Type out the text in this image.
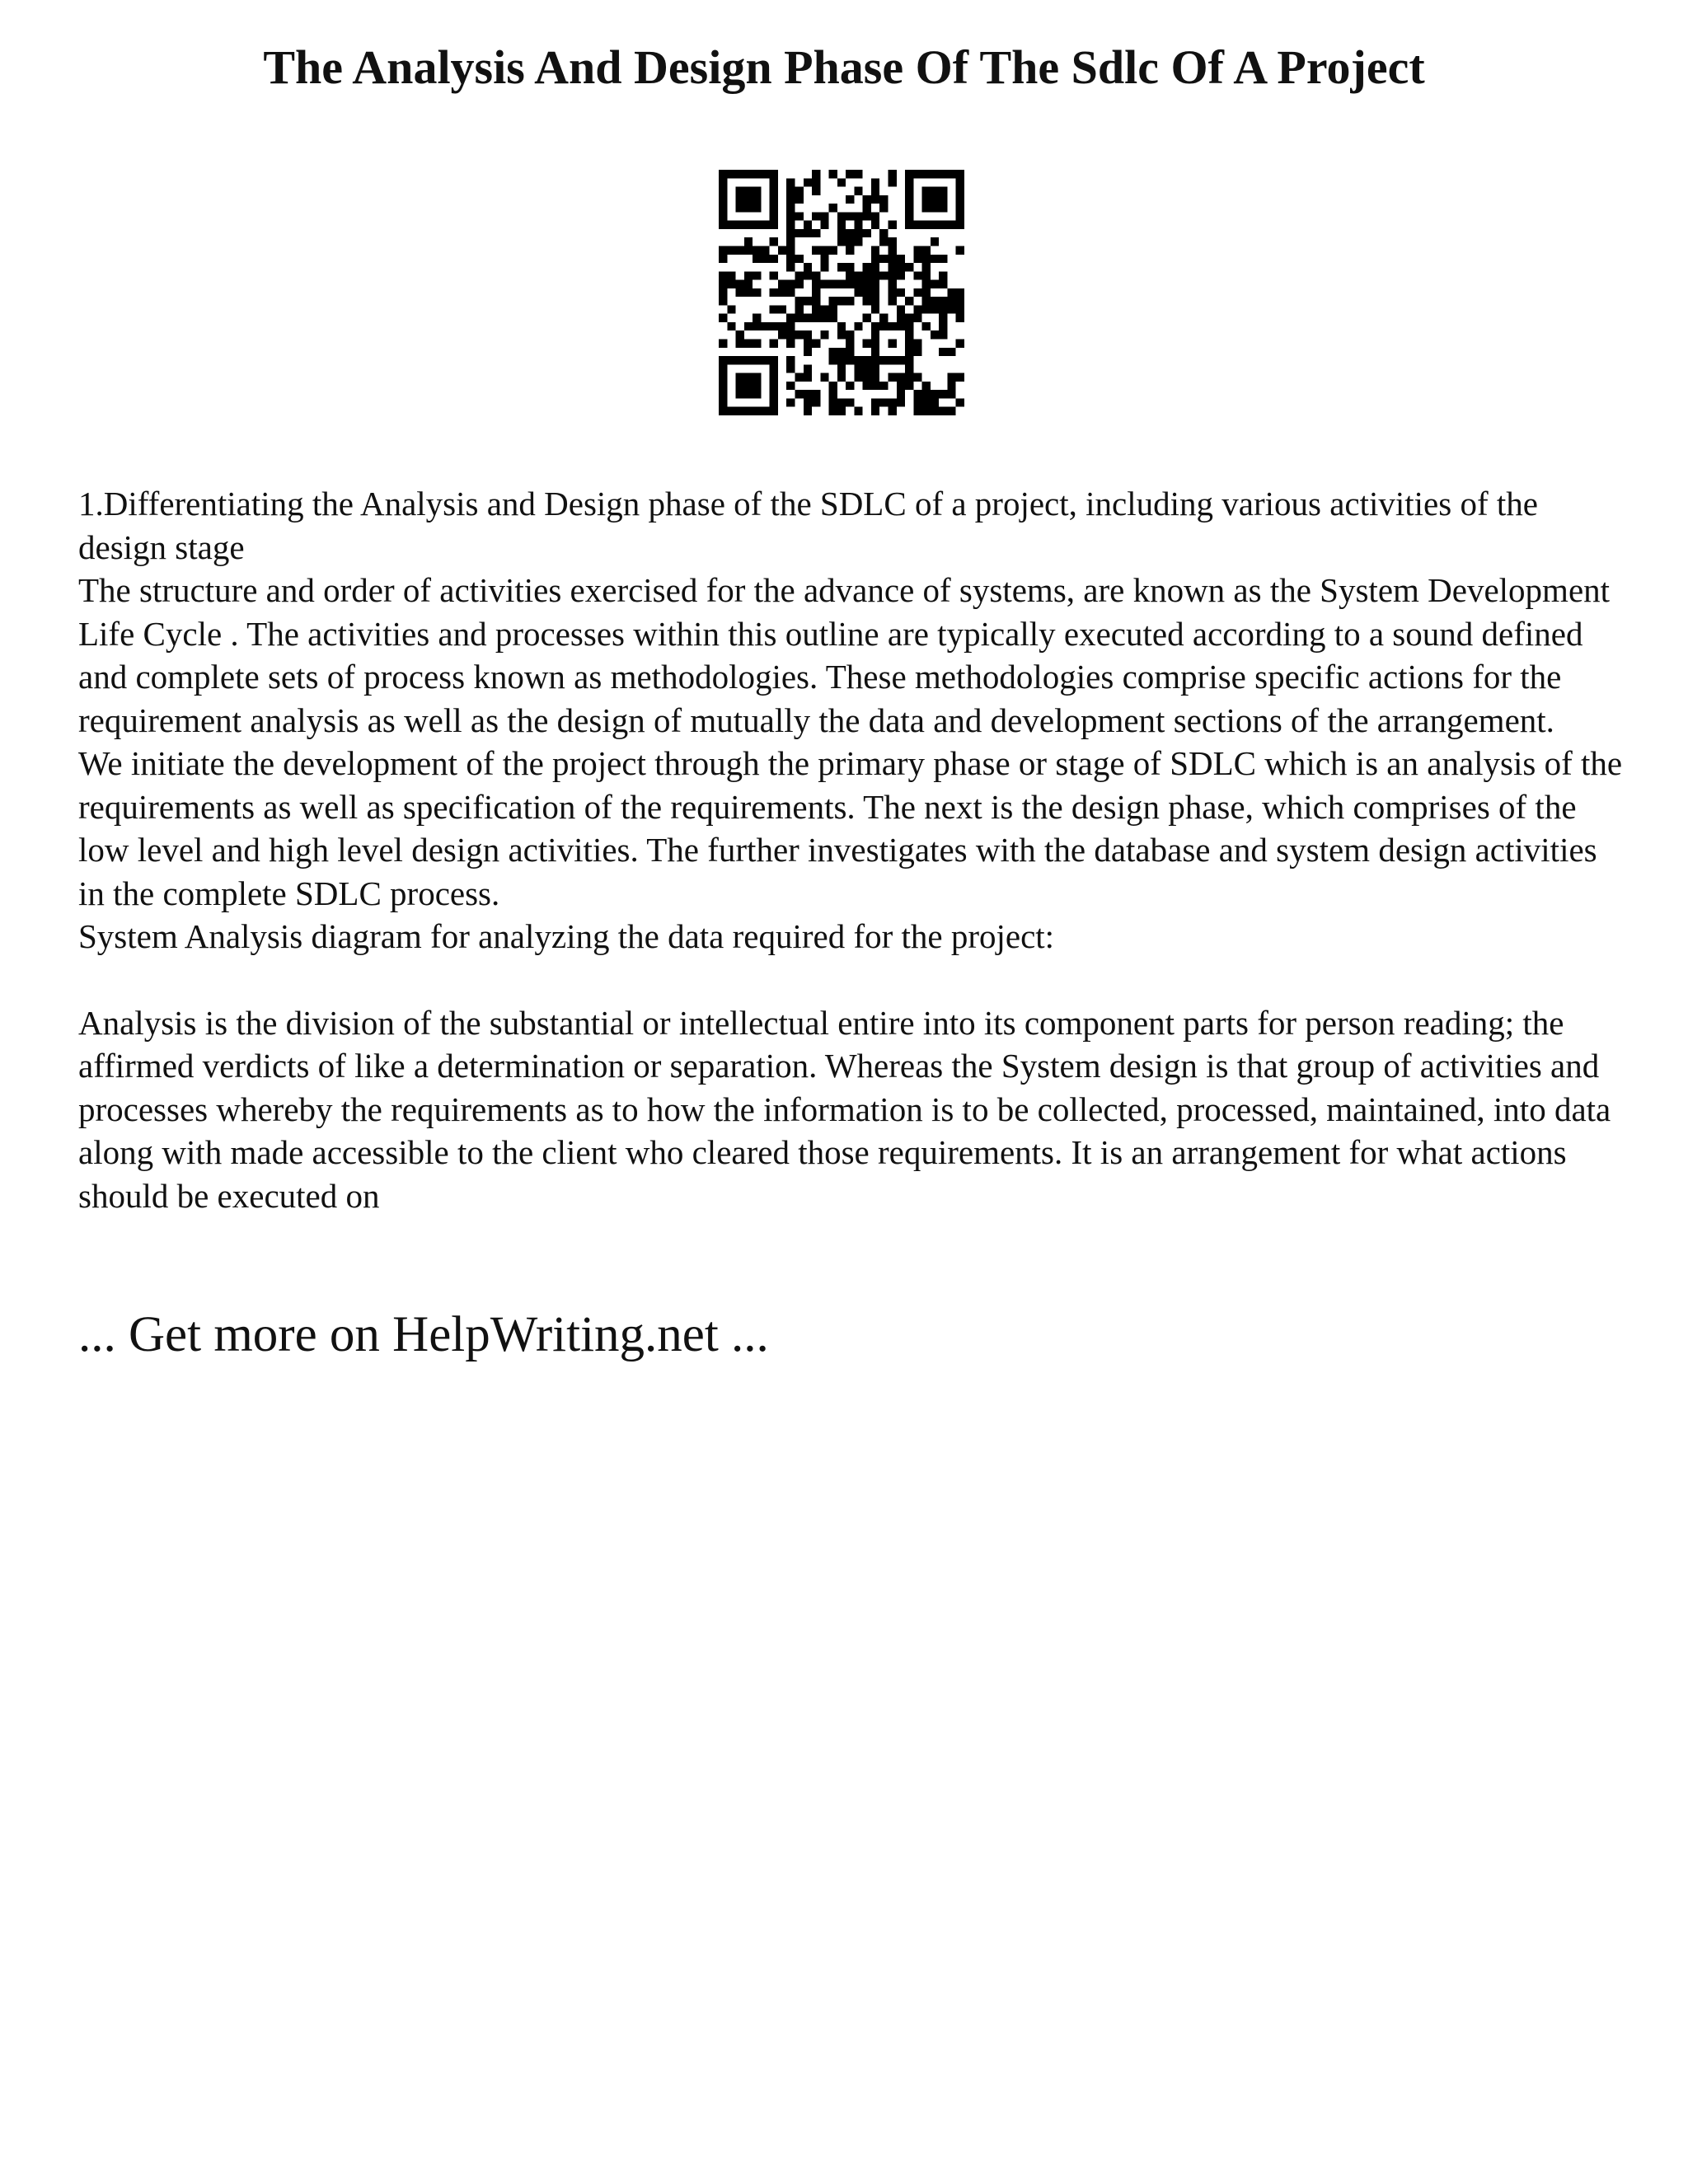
The Analysis And Design Phase Of The Sdlc Of A Project

1.Differentiating the Analysis and Design phase of the SDLC of a project, including various activities of the design stage

The structure and order of activities exercised for the advance of systems, are known as the System Development Life Cycle . The activities and processes within this outline are typically executed according to a sound defined and complete sets of process known as methodologies. These methodologies comprise specific actions for the requirement analysis as well as the design of mutually the data and development sections of the arrangement.

We initiate the development of the project through the primary phase or stage of SDLC which is an analysis of the requirements as well as specification of the requirements. The next is the design phase, which comprises of the low level and high level design activities. The further investigates with the database and system design activities in the complete SDLC process.

System Analysis diagram for analyzing the data required for the project:

Analysis is the division of the substantial or intellectual entire into its component parts for person reading; the affirmed verdicts of like a determination or separation. Whereas the System design is that group of activities and processes whereby the requirements as to how the information is to be collected, processed, maintained, into data along with made accessible to the client who cleared those requirements. It is an arrangement for what actions should be executed on

... Get more on HelpWriting.net ...
